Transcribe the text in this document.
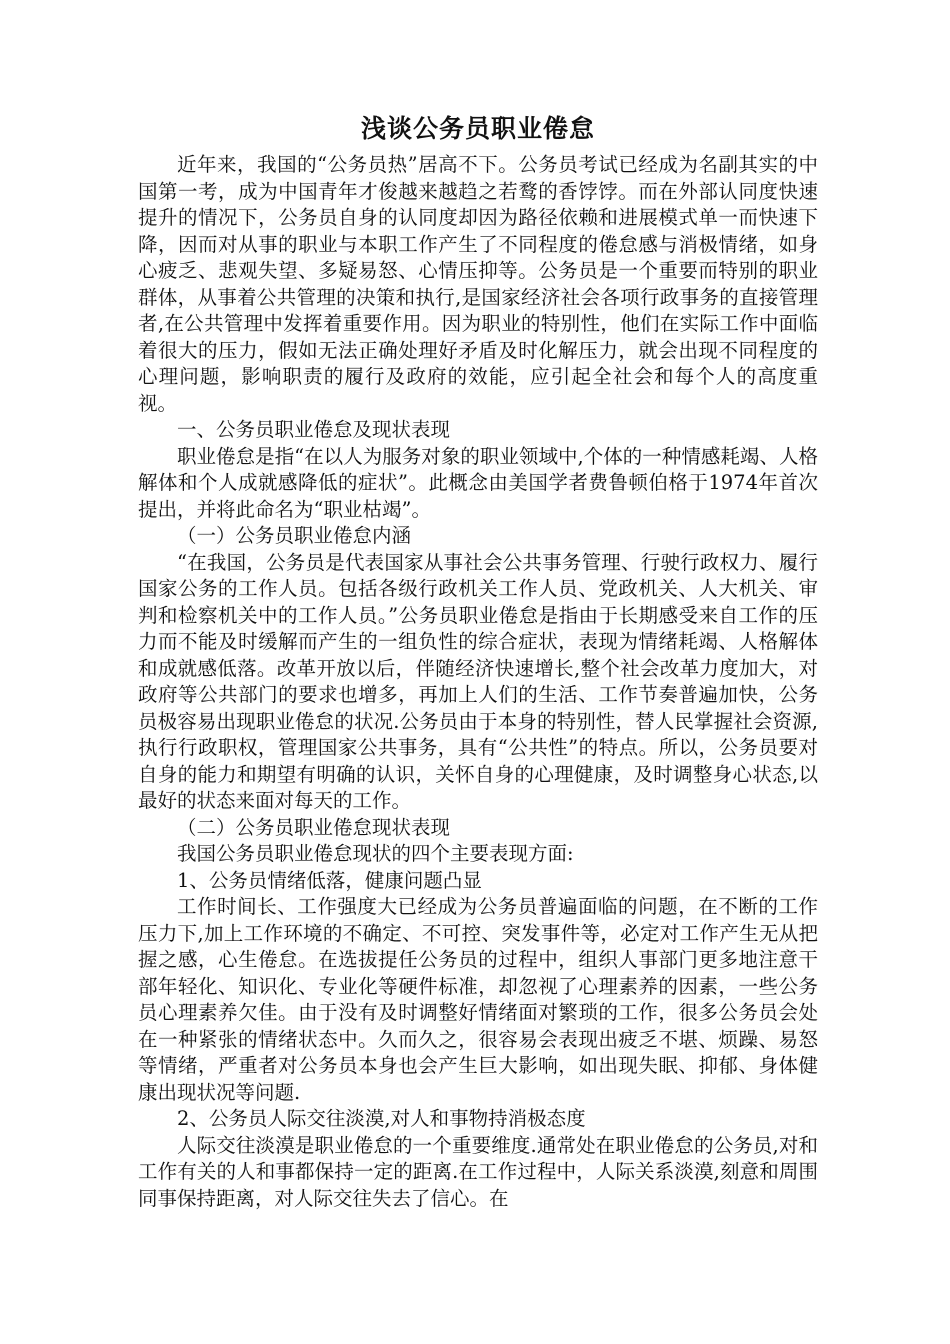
浅谈公务员职业倦怠

近年来，我国的“公务员热”居高不下。公务员考试已经成为名副其实的中国第一考，成为中国青年才俊越来越趋之若鹜的香饽饽。而在外部认同度快速提升的情况下，公务员自身的认同度却因为路径依赖和进展模式单一而快速下降，因而对从事的职业与本职工作产生了不同程度的倦怠感与消极情绪，如身心疲乏、悲观失望、多疑易怒、心情压抑等。公务员是一个重要而特别的职业群体，从事着公共管理的决策和执行,是国家经济社会各项行政事务的直接管理者,在公共管理中发挥着重要作用。因为职业的特别性，他们在实际工作中面临着很大的压力，假如无法正确处理好矛盾及时化解压力，就会出现不同程度的心理问题，影响职责的履行及政府的效能，应引起全社会和每个人的高度重视。

一、公务员职业倦怠及现状表现

职业倦怠是指“在以人为服务对象的职业领域中,个体的一种情感耗竭、人格解体和个人成就感降低的症状”。此概念由美国学者费鲁顿伯格于1974年首次提出，并将此命名为“职业枯竭”。

（一）公务员职业倦怠内涵

“在我国，公务员是代表国家从事社会公共事务管理、行驶行政权力、履行国家公务的工作人员。包括各级行政机关工作人员、党政机关、人大机关、审判和检察机关中的工作人员。”公务员职业倦怠是指由于长期感受来自工作的压力而不能及时缓解而产生的一组负性的综合症状，表现为情绪耗竭、人格解体和成就感低落。改革开放以后，伴随经济快速增长,整个社会改革力度加大，对政府等公共部门的要求也增多，再加上人们的生活、工作节奏普遍加快，公务员极容易出现职业倦怠的状况.公务员由于本身的特别性，替人民掌握社会资源,执行行政职权，管理国家公共事务，具有“公共性”的特点。所以，公务员要对自身的能力和期望有明确的认识，关怀自身的心理健康，及时调整身心状态,以最好的状态来面对每天的工作。

（二）公务员职业倦怠现状表现

我国公务员职业倦怠现状的四个主要表现方面:

1、公务员情绪低落，健康问题凸显

工作时间长、工作强度大已经成为公务员普遍面临的问题，在不断的工作压力下,加上工作环境的不确定、不可控、突发事件等，必定对工作产生无从把握之感，心生倦怠。在选拔提任公务员的过程中，组织人事部门更多地注意干部年轻化、知识化、专业化等硬件标准，却忽视了心理素养的因素，一些公务员心理素养欠佳。由于没有及时调整好情绪面对繁琐的工作，很多公务员会处在一种紧张的情绪状态中。久而久之，很容易会表现出疲乏不堪、烦躁、易怒等情绪，严重者对公务员本身也会产生巨大影响，如出现失眠、抑郁、身体健康出现状况等问题.

2、公务员人际交往淡漠,对人和事物持消极态度

人际交往淡漠是职业倦怠的一个重要维度.通常处在职业倦怠的公务员,对和工作有关的人和事都保持一定的距离.在工作过程中，人际关系淡漠,刻意和周围同事保持距离，对人际交往失去了信心。在
